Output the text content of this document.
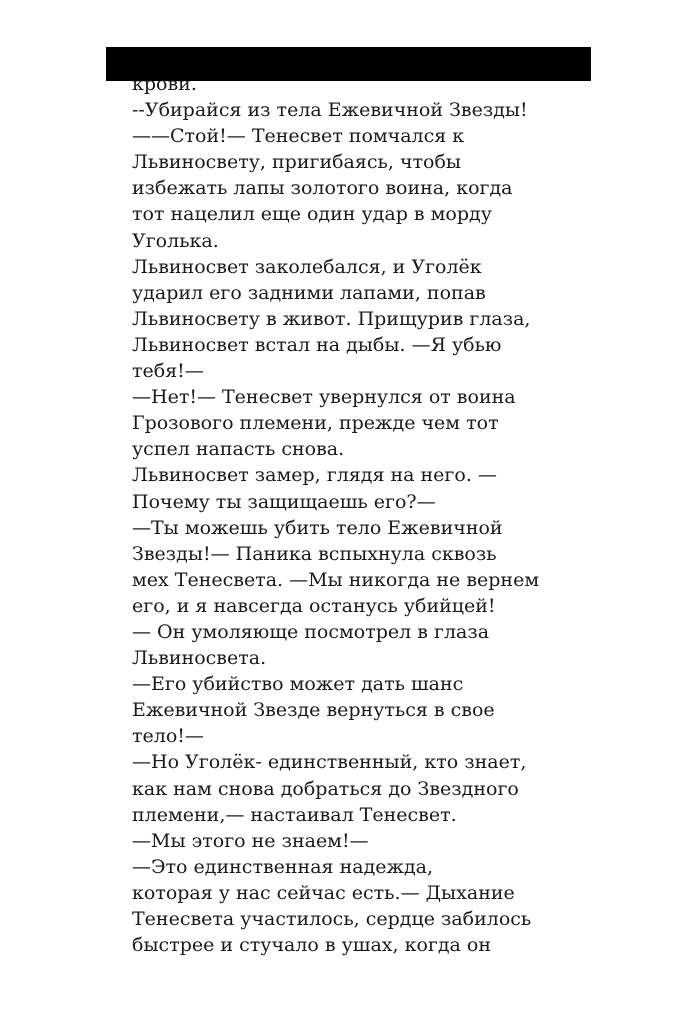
крови.
--Убирайся из тела Ежевичной Звезды!
——Стой!— Тенесвет помчался к
Львиносвету, пригибаясь, чтобы
избежать лапы золотого воина, когда
тот нацелил еще один удар в морду
Уголька.
Львиносвет заколебался, и Уголёк
ударил его задними лапами, попав
Львиносвету в живот. Прищурив глаза,
Львиносвет встал на дыбы. —Я убью
тебя!—
—Нет!— Тенесвет увернулся от воина
Грозового племени, прежде чем тот
успел напасть снова.
Львиносвет замер, глядя на него. —
Почему ты защищаешь его?—
—Ты можешь убить тело Ежевичной
Звезды!— Паника вспыхнула сквозь
мех Тенесвета. —Мы никогда не вернем
его, и я навсегда останусь убийцей!
— Он умоляюще посмотрел в глаза
Львиносвета.
—Его убийство может дать шанс
Ежевичной Звезде вернуться в свое
тело!—
—Но Уголёк- единственный, кто знает,
как нам снова добраться до Звездного
племени,— настаивал Тенесвет.
—Мы этого не знаем!—
—Это единственная надежда,
которая у нас сейчас есть.— Дыхание
Тенесвета участилось, сердце забилось
быстрее и стучало в ушах, когда он
